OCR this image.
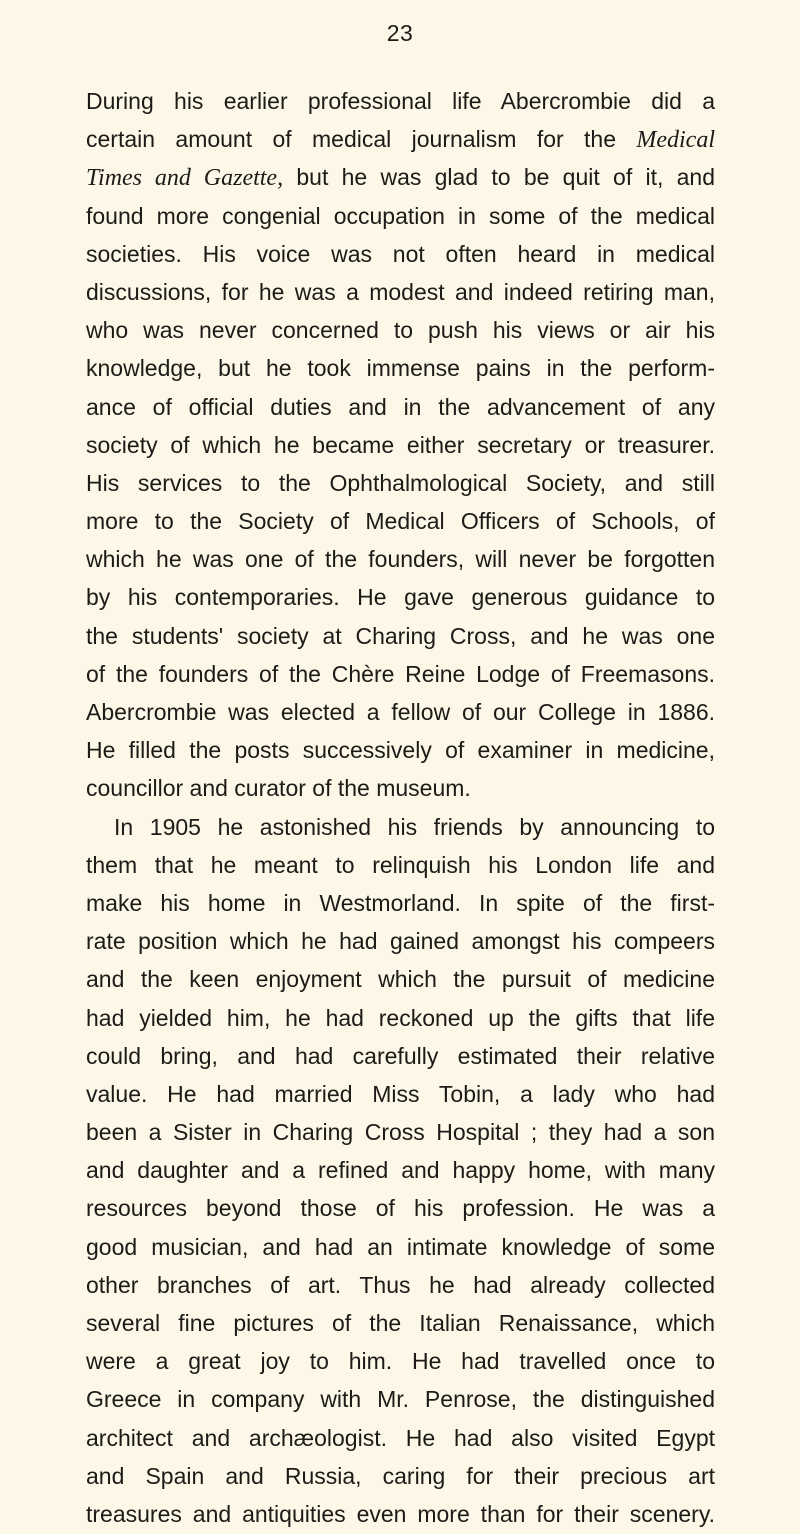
23
During his earlier professional life Abercrombie did a
certain amount of medical journalism for the Medical
Times and Gazette, but he was glad to be quit of it, and
found more congenial occupation in some of the medical
societies. His voice was not often heard in medical
discussions, for he was a modest and indeed retiring man,
who was never concerned to push his views or air his
knowledge, but he took immense pains in the perform-
ance of official duties and in the advancement of any
society of which he became either secretary or treasurer.
His services to the Ophthalmological Society, and still
more to the Society of Medical Officers of Schools, of
which he was one of the founders, will never be forgotten
by his contemporaries. He gave generous guidance to
the students' society at Charing Cross, and he was one
of the founders of the Chère Reine Lodge of Freemasons.
Abercrombie was elected a fellow of our College in 1886.
He filled the posts successively of examiner in medicine,
councillor and curator of the museum.
In 1905 he astonished his friends by announcing to
them that he meant to relinquish his London life and
make his home in Westmorland. In spite of the first-
rate position which he had gained amongst his compeers
and the keen enjoyment which the pursuit of medicine
had yielded him, he had reckoned up the gifts that life
could bring, and had carefully estimated their relative
value. He had married Miss Tobin, a lady who had
been a Sister in Charing Cross Hospital ; they had a son
and daughter and a refined and happy home, with many
resources beyond those of his profession. He was a
good musician, and had an intimate knowledge of some
other branches of art. Thus he had already collected
several fine pictures of the Italian Renaissance, which
were a great joy to him. He had travelled once to
Greece in company with Mr. Penrose, the distinguished
architect and archæologist. He had also visited Egypt
and Spain and Russia, caring for their precious art
treasures and antiquities even more than for their scenery.
